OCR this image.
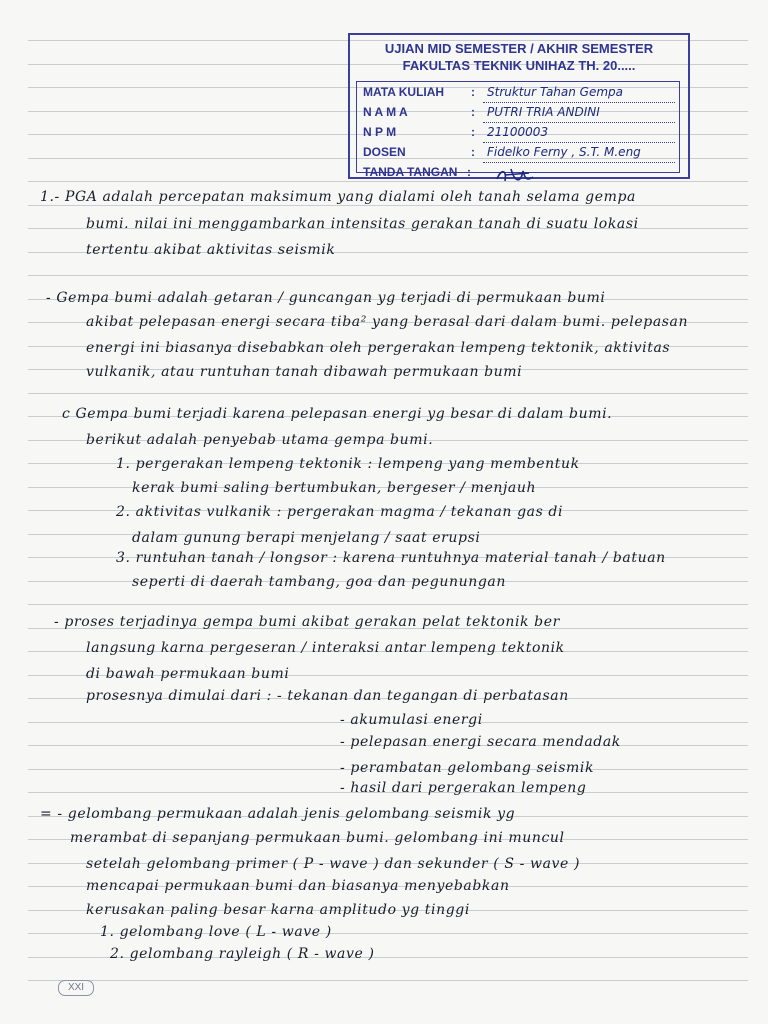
UJIAN MID SEMESTER / AKHIR SEMESTER
FAKULTAS TEKNIK UNIHAZ TH. 20.....
MATA KULIAH	: Struktur Tahan Gempa
N A M A	: PUTRI TRIA ANDINI
N P M	: 21100003
DOSEN	: Fidelko Ferny , S.T. M.eng
TANDA TANGAN :
1.- PGA adalah percepatan maksimum yang dialami oleh tanah selama gempa
bumi. nilai ini menggambarkan intensitas gerakan tanah di suatu lokasi
tertentu akibat aktivitas seismik
- Gempa bumi adalah getaran / guncangan yg terjadi di permukaan bumi
akibat pelepasan energi secara tiba² yang berasal dari dalam bumi. pelepasan
energi ini biasanya disebabkan oleh pergerakan lempeng tektonik, aktivitas
vulkanik, atau runtuhan tanah dibawah permukaan bumi
c Gempa bumi terjadi karena pelepasan energi yg besar di dalam bumi.
berikut adalah penyebab utama gempa bumi.
1. pergerakan lempeng tektonik : lempeng yang membentuk
kerak bumi saling bertumbukan, bergeser / menjauh
2. aktivitas vulkanik : pergerakan magma / tekanan gas di
dalam gunung berapi menjelang / saat erupsi
3. runtuhan tanah / longsor : karena runtuhnya material tanah / batuan
seperti di daerah tambang, goa dan pegunungan
- proses terjadinya gempa bumi akibat gerakan pelat tektonik ber
langsung karna pergeseran / interaksi antar lempeng tektonik
di bawah permukaan bumi
prosesnya dimulai dari : - tekanan dan tegangan di perbatasan
- akumulasi energi
- pelepasan energi secara mendadak
- perambatan gelombang seismik
- hasil dari pergerakan lempeng
= - gelombang permukaan adalah jenis gelombang seismik yg
merambat di sepanjang permukaan bumi. gelombang ini muncul
setelah gelombang primer ( P - wave ) dan sekunder ( S - wave )
mencapai permukaan bumi dan biasanya menyebabkan
kerusakan paling besar karna amplitudo yg tinggi
1. gelombang love ( L - wave )
2. gelombang rayleigh ( R - wave )
XXI
